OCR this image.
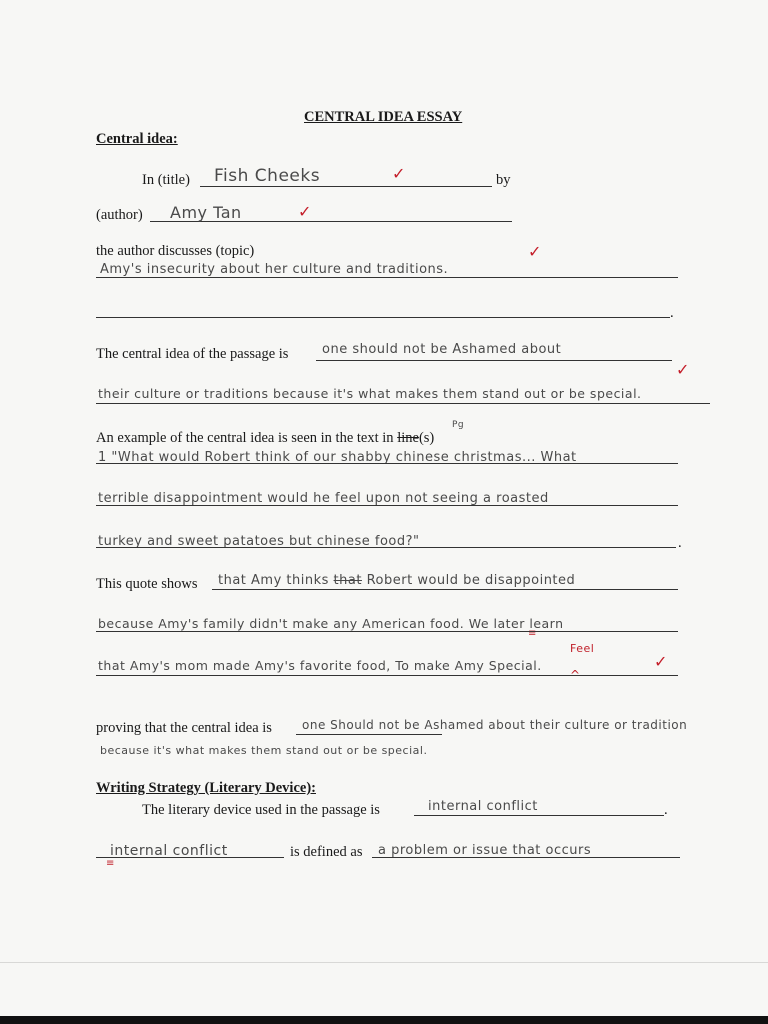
CENTRAL IDEA ESSAY
Central idea:
In (title) Fish Cheeks	✓	by
(author) Amy Tan	✓
the author discusses (topic)	✓
Amy's insecurity about her culture and traditions.
.
The central idea of the passage is	one should not be Ashamed about
✓
their culture or traditions because it's what makes them stand out or be special.
An example of the central idea is seen in the text in line(s)
Pg
1 "What would Robert think of our shabby chinese christmas... What
terrible disappointment would he feel upon not seeing a roasted
turkey and sweet patatoes but chinese food?"	.
This quote shows that Amy thinks that Robert would be disappointed
because Amy's family didn't make any American food. We later learn
≡
Feel
that Amy's mom made Amy's favorite food, To make Amy Special.
^
✓
proving that the central idea is	one Should not be Ashamed about their culture or tradition
because it's what makes them stand out or be special.
Writing Strategy (Literary Device):
The literary device used in the passage is	internal conflict	.
internal conflict
≡
is defined as a problem or issue that occurs
